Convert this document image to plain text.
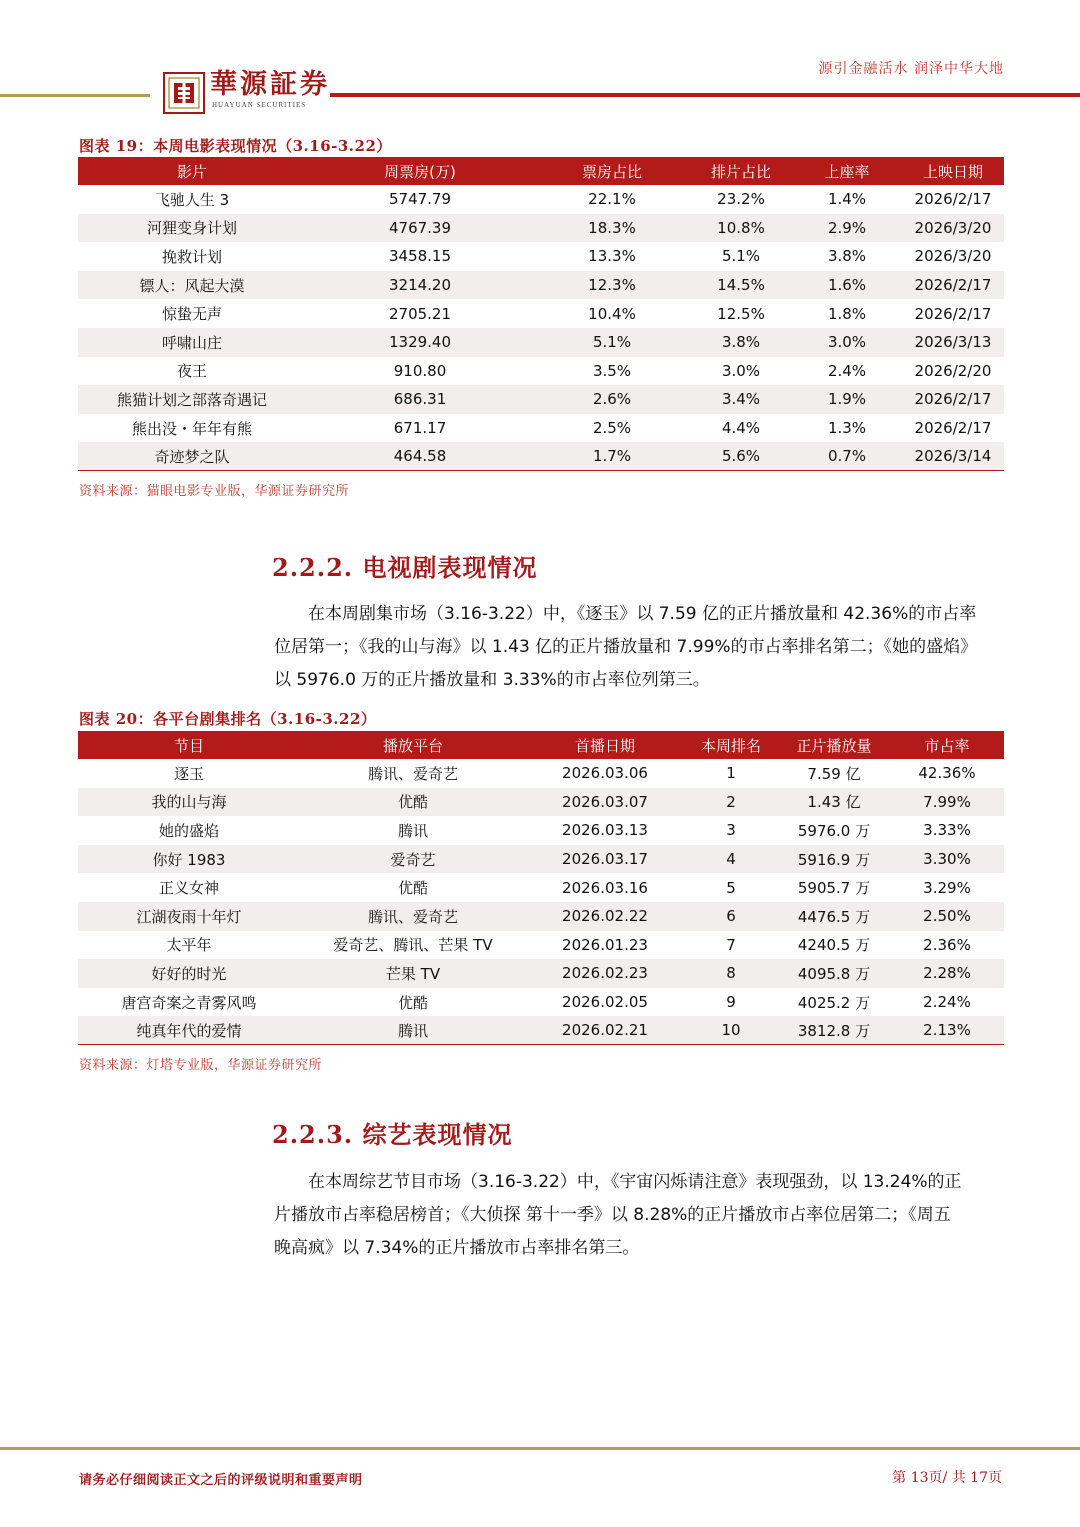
華源証券
HUAYUAN SECURITIES
源引金融活水 润泽中华大地
图表 19：本周电影表现情况（3.16-3.22）
影片	周票房(万)	票房占比	排片占比	上座率	上映日期
飞驰人生 3	5747.79	22.1%	23.2%	1.4%	2026/2/17
河狸变身计划	4767.39	18.3%	10.8%	2.9%	2026/3/20
挽救计划	3458.15	13.3%	5.1%	3.8%	2026/3/20
镖人：风起大漠	3214.20	12.3%	14.5%	1.6%	2026/2/17
惊蛰无声	2705.21	10.4%	12.5%	1.8%	2026/2/17
呼啸山庄	1329.40	5.1%	3.8%	3.0%	2026/3/13
夜王	910.80	3.5%	3.0%	2.4%	2026/2/20
熊猫计划之部落奇遇记	686.31	2.6%	3.4%	1.9%	2026/2/17
熊出没・年年有熊	671.17	2.5%	4.4%	1.3%	2026/2/17
奇迹梦之队	464.58	1.7%	5.6%	0.7%	2026/3/14
资料来源：猫眼电影专业版，华源证券研究所
2.2.2. 电视剧表现情况
在本周剧集市场（3.16-3.22）中，《逐玉》以 7.59 亿的正片播放量和 42.36%的市占率
位居第一；《我的山与海》以 1.43 亿的正片播放量和 7.99%的市占率排名第二；《她的盛焰》
以 5976.0 万的正片播放量和 3.33%的市占率位列第三。
图表 20：各平台剧集排名（3.16-3.22）
节目	播放平台	首播日期	本周排名	正片播放量	市占率
逐玉	腾讯、爱奇艺	2026.03.06	1	7.59 亿	42.36%
我的山与海	优酷	2026.03.07	2	1.43 亿	7.99%
她的盛焰	腾讯	2026.03.13	3	5976.0 万	3.33%
你好 1983	爱奇艺	2026.03.17	4	5916.9 万	3.30%
正义女神	优酷	2026.03.16	5	5905.7 万	3.29%
江湖夜雨十年灯	腾讯、爱奇艺	2026.02.22	6	4476.5 万	2.50%
太平年	爱奇艺、腾讯、芒果 TV	2026.01.23	7	4240.5 万	2.36%
好好的时光	芒果 TV	2026.02.23	8	4095.8 万	2.28%
唐宫奇案之青雾风鸣	优酷	2026.02.05	9	4025.2 万	2.24%
纯真年代的爱情	腾讯	2026.02.21	10	3812.8 万	2.13%
资料来源：灯塔专业版，华源证券研究所
2.2.3. 综艺表现情况
在本周综艺节目市场（3.16-3.22）中，《宇宙闪烁请注意》表现强劲，以 13.24%的正
片播放市占率稳居榜首；《大侦探 第十一季》以 8.28%的正片播放市占率位居第二；《周五
晚高疯》以 7.34%的正片播放市占率排名第三。
请务必仔细阅读正文之后的评级说明和重要声明	第 13页/ 共 17页
